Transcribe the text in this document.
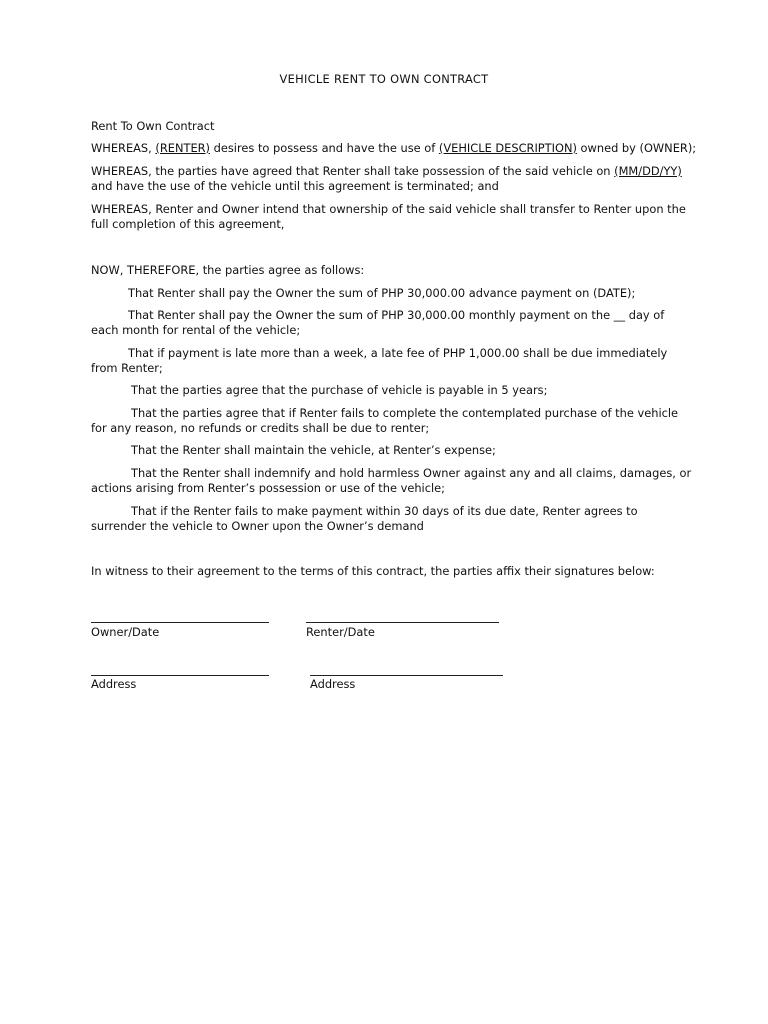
VEHICLE RENT TO OWN CONTRACT
Rent To Own Contract
WHEREAS, (RENTER) desires to possess and have the use of (VEHICLE DESCRIPTION) owned by (OWNER);
WHEREAS, the parties have agreed that Renter shall take possession of the said vehicle on (MM/DD/YY)
and have the use of the vehicle until this agreement is terminated; and
WHEREAS, Renter and Owner intend that ownership of the said vehicle shall transfer to Renter upon the
full completion of this agreement,
NOW, THEREFORE, the parties agree as follows:
That Renter shall pay the Owner the sum of PHP 30,000.00 advance payment on (DATE);
That Renter shall pay the Owner the sum of PHP 30,000.00 monthly payment on the __ day of
each month for rental of the vehicle;
That if payment is late more than a week, a late fee of PHP 1,000.00 shall be due immediately
from Renter;
That the parties agree that the purchase of vehicle is payable in 5 years;
That the parties agree that if Renter fails to complete the contemplated purchase of the vehicle
for any reason, no refunds or credits shall be due to renter;
That the Renter shall maintain the vehicle, at Renter’s expense;
That the Renter shall indemnify and hold harmless Owner against any and all claims, damages, or
actions arising from Renter’s possession or use of the vehicle;
That if the Renter fails to make payment within 30 days of its due date, Renter agrees to
surrender the vehicle to Owner upon the Owner’s demand
In witness to their agreement to the terms of this contract, the parties affix their signatures below:
Owner/Date	Renter/Date
Address	Address
